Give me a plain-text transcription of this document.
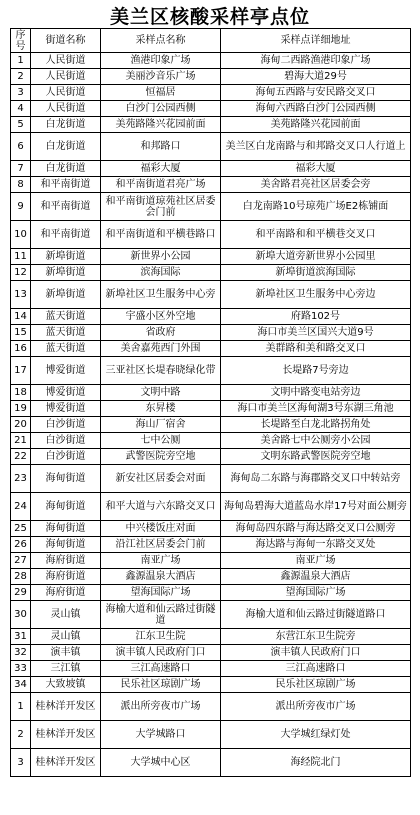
美兰区核酸采样亭点位
序号	街道名称	采样点名称	采样点详细地址
1	人民街道	渔港印象广场	海甸二西路渔港印象广场
2	人民街道	美丽沙音乐广场	碧海大道29号
3	人民街道	恒福居	海甸五西路与安民路交叉口
4	人民街道	白沙门公园西侧	海甸六西路白沙门公园西侧
5	白龙街道	美苑路隆兴花园前面	美苑路隆兴花园前面
6	白龙街道	和邦路口	美兰区白龙南路与和邦路交叉口人行道上
7	白龙街道	福彩大厦	福彩大厦
8	和平南街道	和平南街道君亮广场	美舍路君亮社区居委会旁
9	和平南街道	和平南街道琼苑社区居委会门前	白龙南路10号琼苑广场E2栋铺面
10	和平南街道	和平南街道和平横巷路口	和平南路和和平横巷交叉口
11	新埠街道	新世界小公园	新埠大道旁新世界小公园里
12	新埠街道	滨海国际	新埠街道滨海国际
13	新埠街道	新埠社区卫生服务中心旁	新埠社区卫生服务中心旁边
14	蓝天街道	宇盛小区外空地	府路102号
15	蓝天街道	省政府	海口市美兰区国兴大道9号
16	蓝天街道	美舍嘉苑西门外围	美群路和美和路交叉口
17	博爱街道	三亚社区长堤春晓绿化带	长堤路7号旁边
18	博爱街道	文明中路	文明中路变电站旁边
19	博爱街道	东昇楼	海口市美兰区海甸湖3号东湖三角池
20	白沙街道	海山厂宿舍	长堤路至白龙北路拐角处
21	白沙街道	七中公厕	美舍路七中公厕旁小公园
22	白沙街道	武警医院旁空地	文明东路武警医院旁空地
23	海甸街道	新安社区居委会对面	海甸岛二东路与海郡路交叉口中转站旁
24	海甸街道	和平大道与六东路交叉口	海甸岛碧海大道蓝岛水岸17号对面公厕旁
25	海甸街道	中兴楼饭庄对面	海甸岛四东路与海达路交叉口公厕旁
26	海甸街道	沿江社区居委会门前	海达路与海甸一东路交叉处
27	海府街道	南亚广场	南亚广场
28	海府街道	鑫源温泉大酒店	鑫源温泉大酒店
29	海府街道	望海国际广场	望海国际广场
30	灵山镇	海榆大道和仙云路过街隧道	海榆大道和仙云路过街隧道路口
31	灵山镇	江东卫生院	东营江东卫生院旁
32	演丰镇	演丰镇人民政府门口	演丰镇人民政府门口
33	三江镇	三江高速路口	三江高速路口
34	大致坡镇	民乐社区琼剧广场	民乐社区琼剧广场
1	桂林洋开发区	派出所旁夜市广场	派出所旁夜市广场
2	桂林洋开发区	大学城路口	大学城红绿灯处
3	桂林洋开发区	大学城中心区	海经院北门
